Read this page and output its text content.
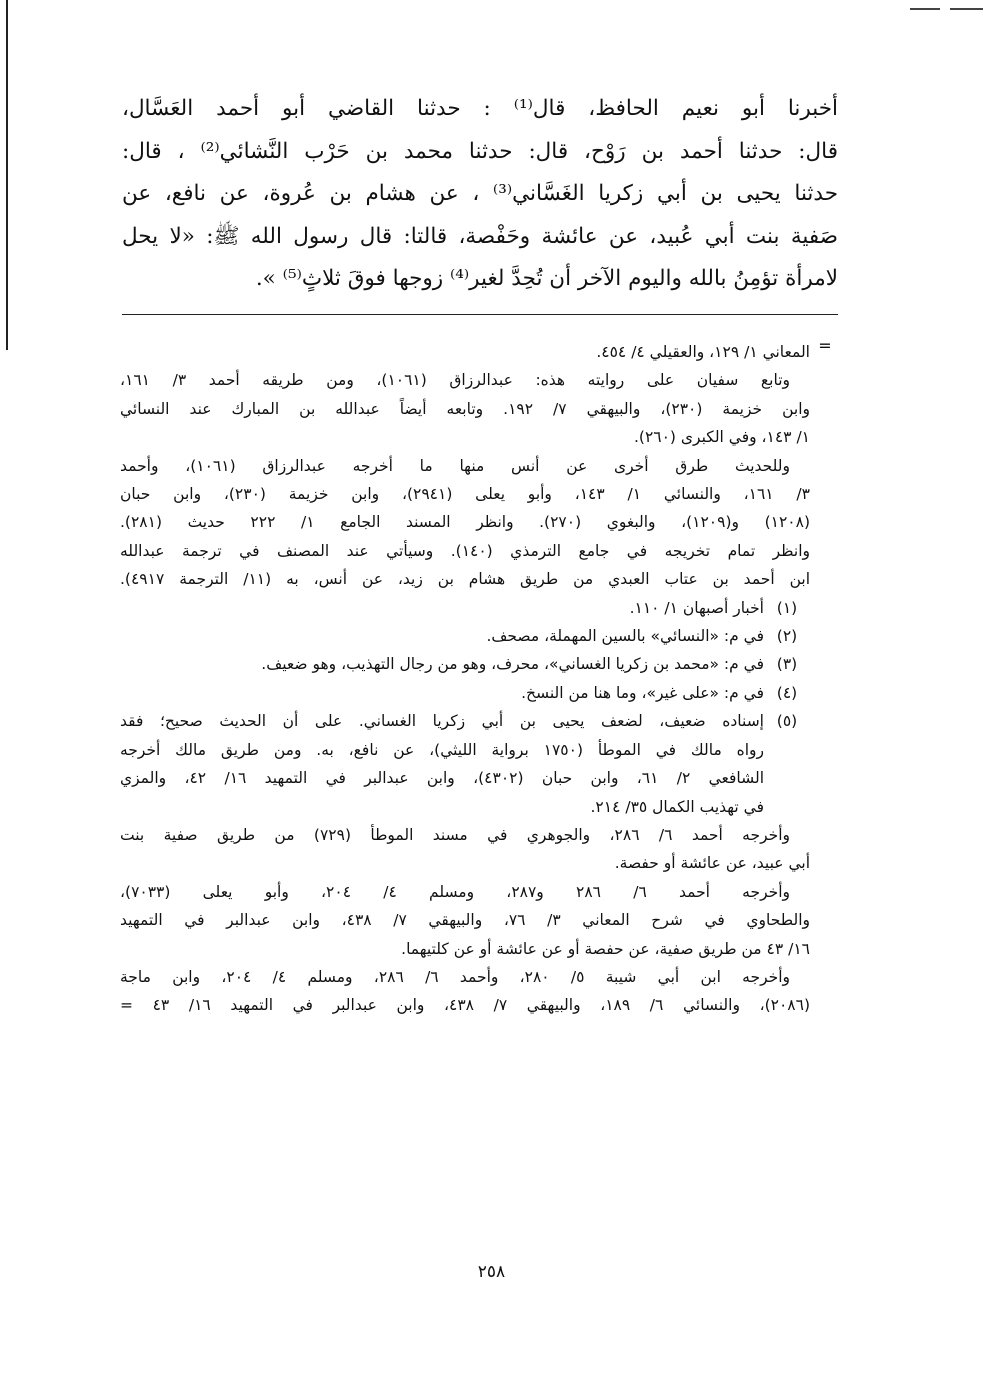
أخبرنا أبو نعيم الحافظ، قال⁽¹⁾ : حدثنا القاضي أبو أحمد العَسَّال،
قال: حدثنا أحمد بن رَوْح، قال: حدثنا محمد بن حَرْب النَّشائي⁽²⁾ ، قال:
حدثنا يحيى بن أبي زكريا الغَسَّاني⁽³⁾ ، عن هشام بن عُروة، عن نافع، عن
صَفية بنت أبي عُبيد، عن عائشة وحَفْصة، قالتا: قال رسول الله ﷺ: «لا يحل
لامرأة تؤمِنُ بالله واليوم الآخر أن تُحِدَّ لغير⁽⁴⁾ زوجها فوقَ ثلاثٍ⁽⁵⁾ ».
=
المعاني ١/ ١٢٩، والعقيلي ٤/ ٤٥٤.
وتابع سفيان على روايته هذه: عبدالرزاق (١٠٦١)، ومن طريقه أحمد ٣/ ١٦١،
وابن خزيمة (٢٣٠)، والبيهقي ٧/ ١٩٢. وتابعه أيضاً عبدالله بن المبارك عند النسائي
١/ ١٤٣، وفي الكبرى (٢٦٠).
وللحديث طرق أخرى عن أنس منها ما أخرجه عبدالرزاق (١٠٦١)، وأحمد
٣/ ١٦١، والنسائي ١/ ١٤٣، وأبو يعلى (٢٩٤١)، وابن خزيمة (٢٣٠)، وابن حبان
(١٢٠٨) و(١٢٠٩)، والبغوي (٢٧٠). وانظر المسند الجامع ١/ ٢٢٢ حديث (٢٨١).
وانظر تمام تخريجه في جامع الترمذي (١٤٠). وسيأتي عند المصنف في ترجمة عبدالله
ابن أحمد بن عتاب العبدي من طريق هشام بن زيد، عن أنس، به (١١/ الترجمة ٤٩١٧).
(١)
أخبار أصبهان ١/ ١١٠.
(٢)
في م: «النسائي» بالسين المهملة، مصحف.
(٣)
في م: «محمد بن زكريا الغساني»، محرف، وهو من رجال التهذيب، وهو ضعيف.
(٤)
في م: «على غير»، وما هنا من النسخ.
(٥)
إسناده ضعيف، لضعف يحيى بن أبي زكريا الغساني. على أن الحديث صحيح؛ فقد
رواه مالك في الموطأ (١٧٥٠ برواية الليثي)، عن نافع، به. ومن طريق مالك أخرجه
الشافعي ٢/ ٦١، وابن حبان (٤٣٠٢)، وابن عبدالبر في التمهيد ١٦/ ٤٢، والمزي
في تهذيب الكمال ٣٥/ ٢١٤.
وأخرجه أحمد ٦/ ٢٨٦، والجوهري في مسند الموطأ (٧٢٩) من طريق صفية بنت
أبي عبيد، عن عائشة أو حفصة.
وأخرجه أحمد ٦/ ٢٨٦ و٢٨٧، ومسلم ٤/ ٢٠٤، وأبو يعلى (٧٠٣٣)،
والطحاوي في شرح المعاني ٣/ ٧٦، والبيهقي ٧/ ٤٣٨، وابن عبدالبر في التمهيد
١٦/ ٤٣ من طريق صفية، عن حفصة أو عن عائشة أو عن كلتيهما.
وأخرجه ابن أبي شيبة ٥/ ٢٨٠، وأحمد ٦/ ٢٨٦، ومسلم ٤/ ٢٠٤، وابن ماجة
(٢٠٨٦)، والنسائي ٦/ ١٨٩، والبيهقي ٧/ ٤٣٨، وابن عبدالبر في التمهيد ١٦/ ٤٣ =
٢٥٨
